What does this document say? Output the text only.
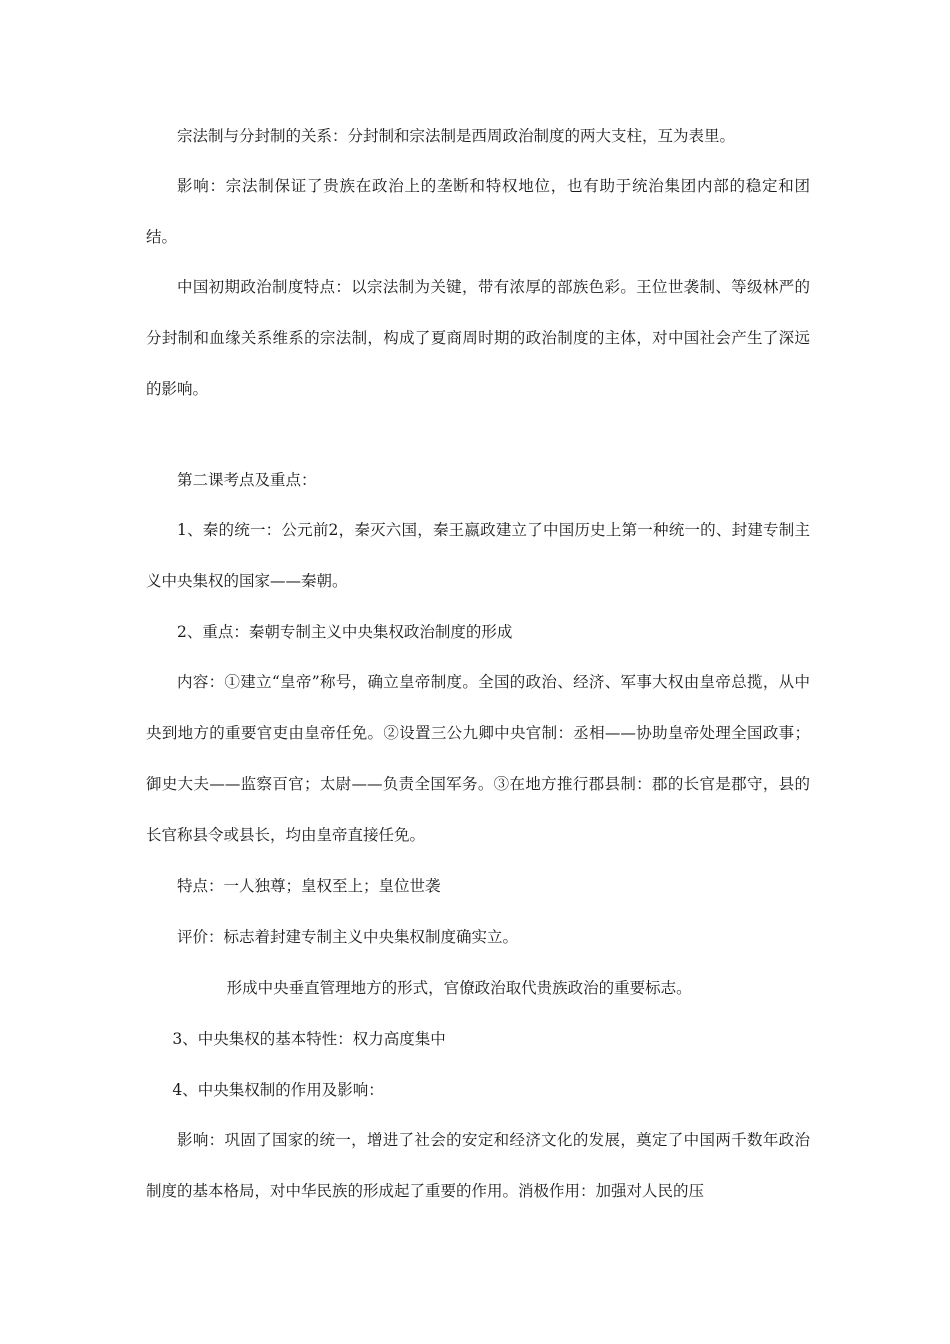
宗法制与分封制的关系：分封制和宗法制是西周政治制度的两大支柱，互为表里。

影响：宗法制保证了贵族在政治上的垄断和特权地位，也有助于统治集团内部的稳定和团结。

中国初期政治制度特点：以宗法制为关键，带有浓厚的部族色彩。王位世袭制、等级林严的分封制和血缘关系维系的宗法制，构成了夏商周时期的政治制度的主体，对中国社会产生了深远的影响。

第二课考点及重点：

1、秦的统一：公元前2，秦灭六国，秦王嬴政建立了中国历史上第一种统一的、封建专制主义中央集权的国家——秦朝。

2、重点：秦朝专制主义中央集权政治制度的形成

内容：①建立“皇帝”称号，确立皇帝制度。全国的政治、经济、军事大权由皇帝总揽，从中央到地方的重要官吏由皇帝任免。②设置三公九卿中央官制：丞相——协助皇帝处理全国政事；御史大夫——监察百官；太尉——负责全国军务。③在地方推行郡县制：郡的长官是郡守，县的长官称县令或县长，均由皇帝直接任免。

特点：一人独尊；皇权至上；皇位世袭

评价：标志着封建专制主义中央集权制度确实立。

形成中央垂直管理地方的形式，官僚政治取代贵族政治的重要标志。

3、中央集权的基本特性：权力高度集中

4、中央集权制的作用及影响：

影响：巩固了国家的统一，增进了社会的安定和经济文化的发展，奠定了中国两千数年政治制度的基本格局，对中华民族的形成起了重要的作用。消极作用：加强对人民的压
